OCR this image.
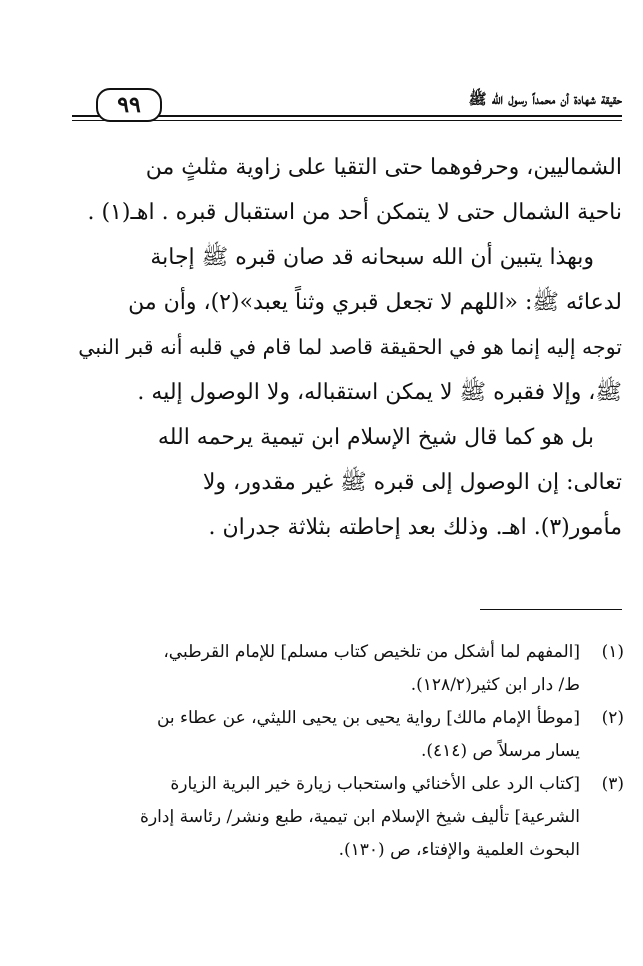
٩٩	حقيقة شهادة أن محمداً رسول الله ﷺ
الشماليين، وحرفوهما حتى التقيا على زاوية مثلثٍ من
ناحية الشمال حتى لا يتمكن أحد من استقبال قبره . اهـ(١) .
وبهذا يتبين أن الله سبحانه قد صان قبره ﷺ إجابة
لدعائه ﷺ: «اللهم لا تجعل قبري وثناً يعبد»(٢)، وأن من
توجه إليه إنما هو في الحقيقة قاصد لما قام في قلبه أنه قبر النبي
ﷺ، وإلا فقبره ﷺ لا يمكن استقباله، ولا الوصول إليه .
بل هو كما قال شيخ الإسلام ابن تيمية يرحمه الله
تعالى: إن الوصول إلى قبره ﷺ غير مقدور، ولا
مأمور(٣). اهـ. وذلك بعد إحاطته بثلاثة جدران .
(١)
[المفهم لما أشكل من تلخيص كتاب مسلم] للإمام القرطبي،
ط/ دار ابن كثير(١٢٨/٢).
(٢)
[موطأ الإمام مالك] رواية يحيى بن يحيى الليثي، عن عطاء بن
يسار مرسلاً ص (٤١٤).
(٣)
[كتاب الرد على الأخنائي واستحباب زيارة خير البرية الزيارة
الشرعية] تأليف شيخ الإسلام ابن تيمية، طبع ونشر/ رئاسة إدارة
البحوث العلمية والإفتاء، ص (١٣٠).
